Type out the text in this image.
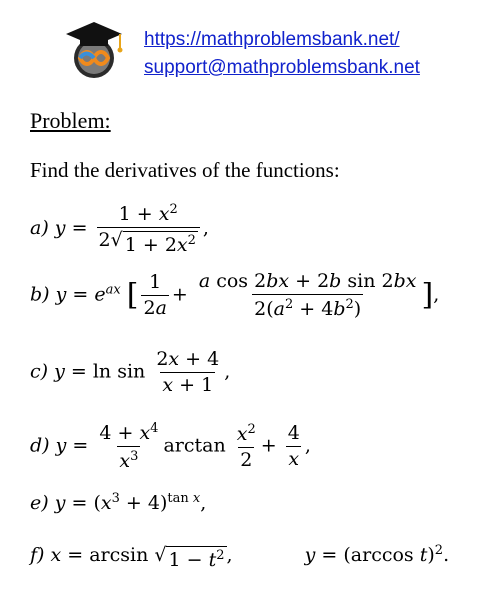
https://mathproblemsbank.net/
support@mathproblemsbank.net
Problem:
Find the derivatives of the functions:
a) $y = \frac{1 + x^2}{2 √ 1 + 2x^2}$ ,
b) $y = e^{ax}$ [ $\frac{1}{2a} + \frac{\text{a cos 2bx + 2b sin 2bx}}{2(a^2 + 4b^2)}$ ],
c) $y = \ln \sin \frac{2x + 4}{x + 1}$ ,
d) $y = \frac{4 + x^4}{x^3}$ $\arctan \frac{x^2}{2} + \frac{4}{x}$ ,
e) $y = (x^3 + 4)^{tan x}$,
f) x = arcsin √ $1 - t^2$ ,	y = (arccos t)$^2$.
